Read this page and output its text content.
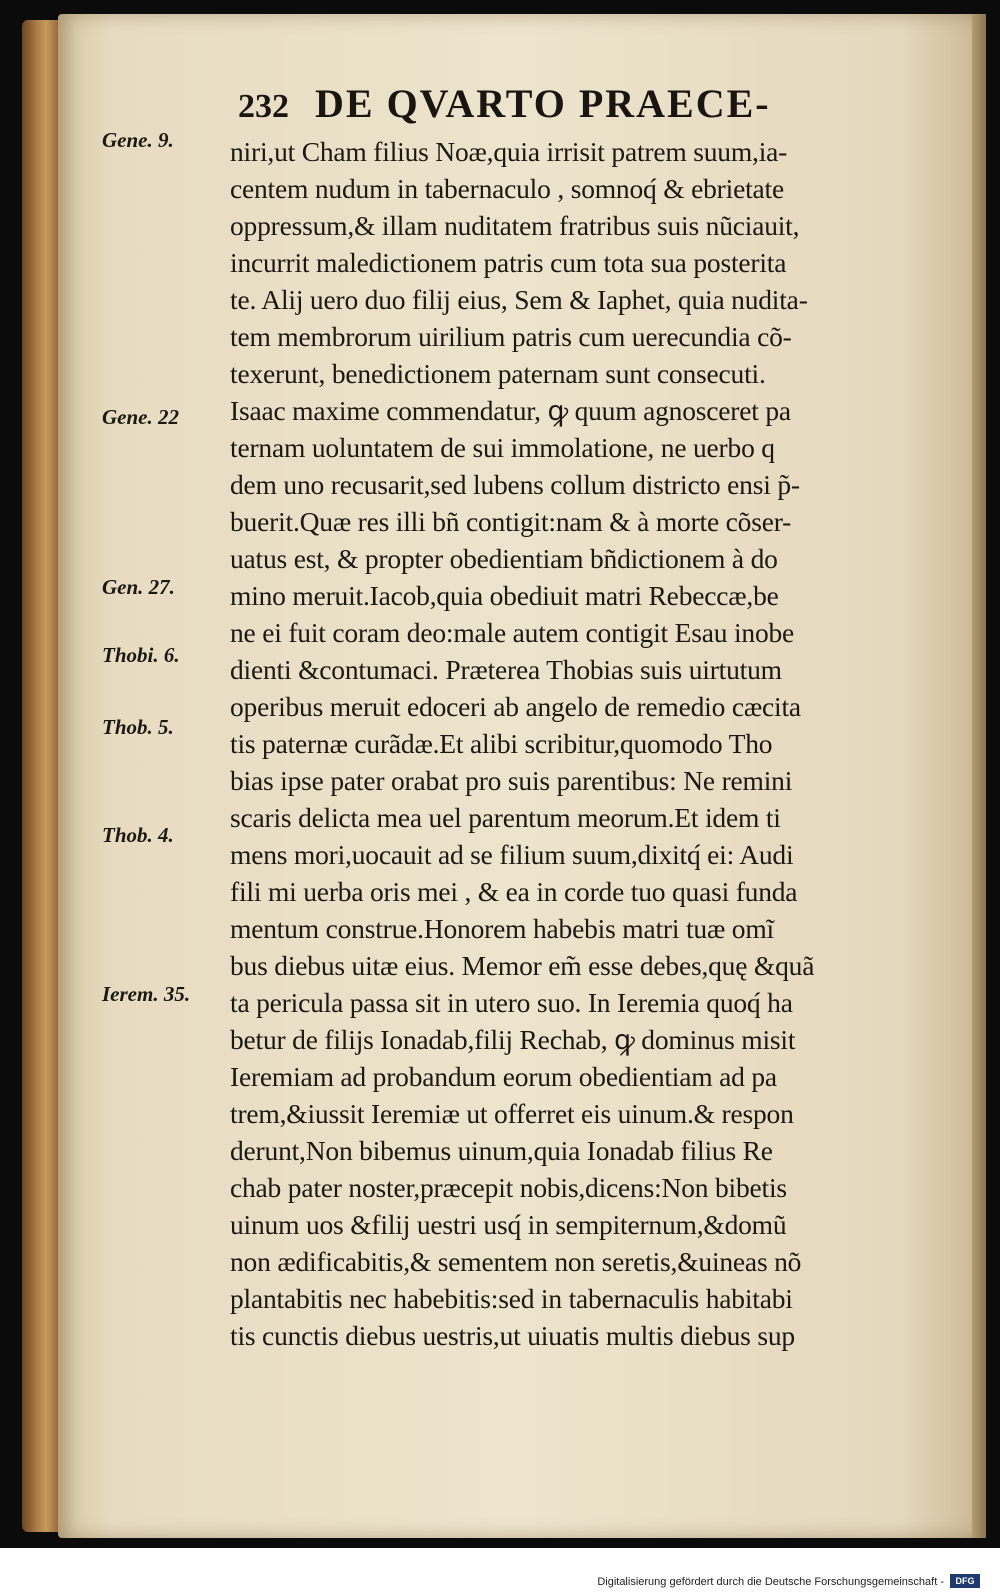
232 DE QVARTO PRAECE-
Gene. 9.
Gene. 22
Gen. 27.
Thobi. 6.
Thob. 5.
Thob. 4.
Ierem. 35.
niri,ut Cham filius Noæ,quia irrisit patrem suum,ia-
centem nudum in tabernaculo , somnoq́ & ebrietate
oppressum,& illam nuditatem fratribus suis nũciauit,
incurrit maledictionem patris cum tota sua posterita
te. Alij uero duo filij eius, Sem & Iaphet, quia nudita-
tem membrorum uirilium patris cum uerecundia cõ-
texerunt, benedictionem paternam sunt consecuti.
Isaac maxime commendatur, ꝙ quum agnosceret pa
ternam uoluntatem de sui immolatione, ne uerbo q
dem uno recusarit,sed lubens collum districto ensi p̃-
buerit.Quæ res illi bñ contigit:nam & à morte cõser-
uatus est, & propter obedientiam bñdictionem à do
mino meruit.Iacob,quia obediuit matri Rebeccæ,be
ne ei fuit coram deo:male autem contigit Esau inobe
dienti &contumaci. Præterea Thobias suis uirtutum
operibus meruit edoceri ab angelo de remedio cæcita
tis paternæ curãdæ.Et alibi scribitur,quomodo Tho
bias ipse pater orabat pro suis parentibus: Ne remini
scaris delicta mea uel parentum meorum.Et idem ti
mens mori,uocauit ad se filium suum,dixitq́ ei: Audi
fili mi uerba oris mei , & ea in corde tuo quasi funda
mentum construe.Honorem habebis matri tuæ omĩ
bus diebus uitæ eius. Memor em̃ esse debes,quę &quã
ta pericula passa sit in utero suo. In Ieremia quoq́ ha
betur de filijs Ionadab,filij Rechab, ꝙ dominus misit
Ieremiam ad probandum eorum obedientiam ad pa
trem,&iussit Ieremiæ ut offerret eis uinum.& respon
derunt,Non bibemus uinum,quia Ionadab filius Re
chab pater noster,præcepit nobis,dicens:Non bibetis
uinum uos &filij uestri usq́ in sempiternum,&domũ
non ædificabitis,& sementem non seretis,&uineas nõ
plantabitis nec habebitis:sed in tabernaculis habitabi
tis cunctis diebus uestris,ut uiuatis multis diebus sup
Digitalisierung gefördert durch die Deutsche Forschungsgemeinschaft -	DFG
